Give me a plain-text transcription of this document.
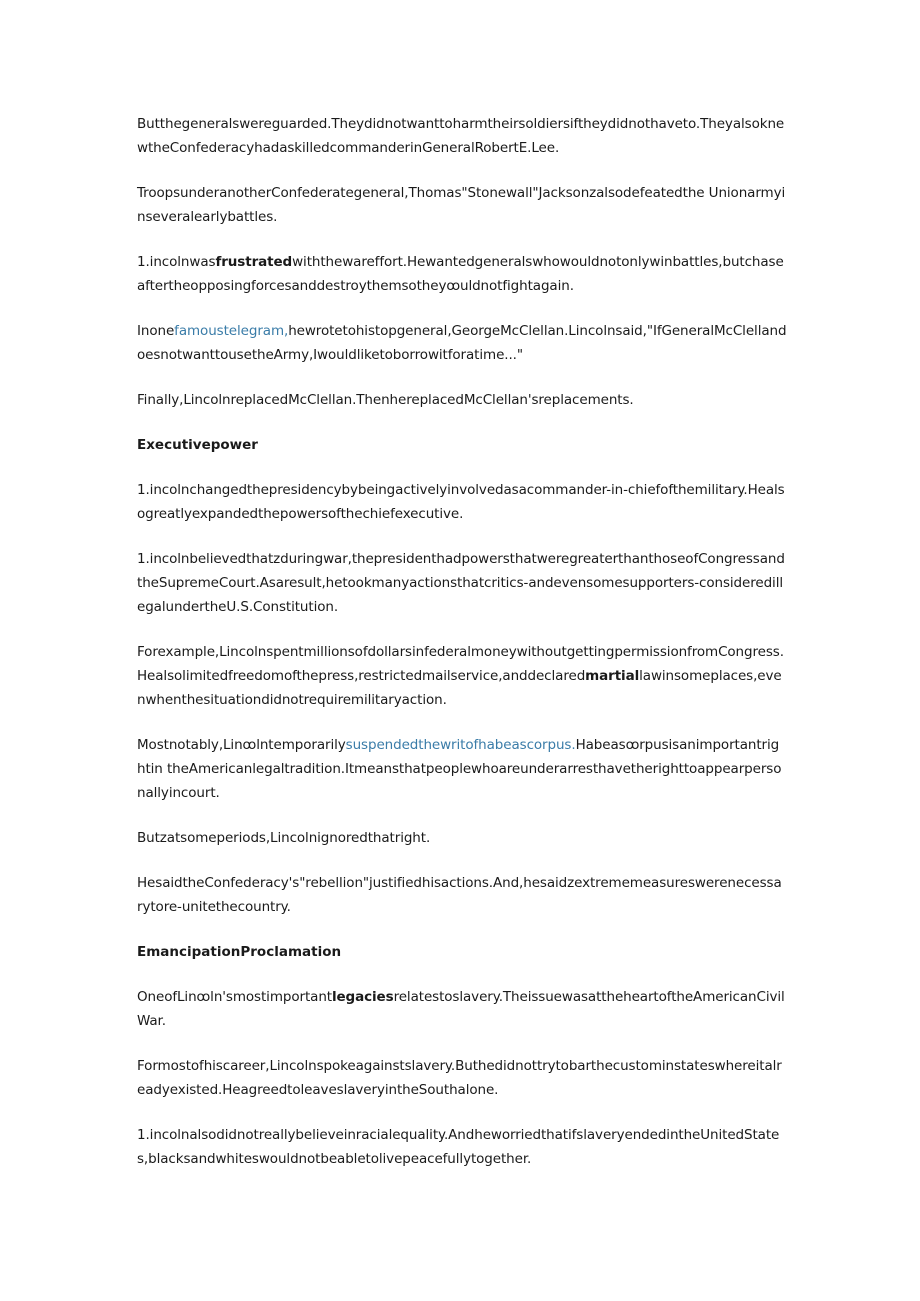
Butthegeneralswereguarded.Theydidnotwanttoharmtheirsoldiersiftheydidnothaveto.TheyalsoknewtheConfederacyhadaskilledcommanderinGeneralRobertE.Lee.

TroopsunderanotherConfederategeneral,Thomas"Stonewall"Jacksonzalsodefeatedthe Unionarmyinseveralearlybattles.

1.incolnwasfrustratedwiththewareffort.Hewantedgeneralswhowouldnotonlywinbattles,butchaseaftertheopposingforcesanddestroythemsotheyꝏuldnotfightagain.

Inonefamoustelegram,hewrotetohistopgeneral,GeorgeMcClellan.Lincolnsaid,"IfGeneralMcClellandoesnotwanttousetheArmy,Iwouldliketoborrowitforatime..."

Finally,LincolnreplacedMcClellan.ThenhereplacedMcClellan'sreplacements.

Executivepower

1.incolnchangedthepresidencybybeingactivelyinvolvedasacommander-in-chiefofthemilitary.Healsogreatlyexpandedthepowersofthechiefexecutive.

1.incolnbelievedthatzduringwar,thepresidenthadpowersthatweregreaterthanthoseofCongressandtheSupremeCourt.Asaresult,hetookmanyactionsthatcritics-andevensomesupporters-consideredillegalundertheU.S.Constitution.

Forexample,LincolnspentmillionsofdollarsinfederalmoneywithoutgettingpermissionfromCongress.Healsolimitedfreedomofthepress,restrictedmailservice,anddeclaredmartiallawinsomeplaces,evenwhenthesituationdidnotrequiremilitaryaction.

Mostnotably,Linꝏlntemporarilysuspendedthewritofhabeascorpus.Habeasꝏrpusisanimportantrightin theAmericanlegaltradition.Itmeansthatpeoplewhoareunderarresthavetherighttoappearpersonallyincourt.

Butzatsomeperiods,Lincolnignoredthatright.

HesaidtheConfederacy's"rebellion"justifiedhisactions.And,hesaidzextrememeasureswerenecessarytore-unitethecountry.

EmancipationProclamation

OneofLinꝏln'smostimportantlegaciesrelatestoslavery.TheissuewasattheheartoftheAmericanCivilWar.

Formostofhiscareer,Lincolnspokeagainstslavery.Buthedidnottrytobarthecustominstateswhereitalreadyexisted.HeagreedtoleaveslaveryintheSouthalone.

1.incolnalsodidnotreallybelieveinracialequality.AndheworriedthatifslaveryendedintheUnitedStates,blacksandwhiteswouldnotbeabletolivepeacefullytogether.
